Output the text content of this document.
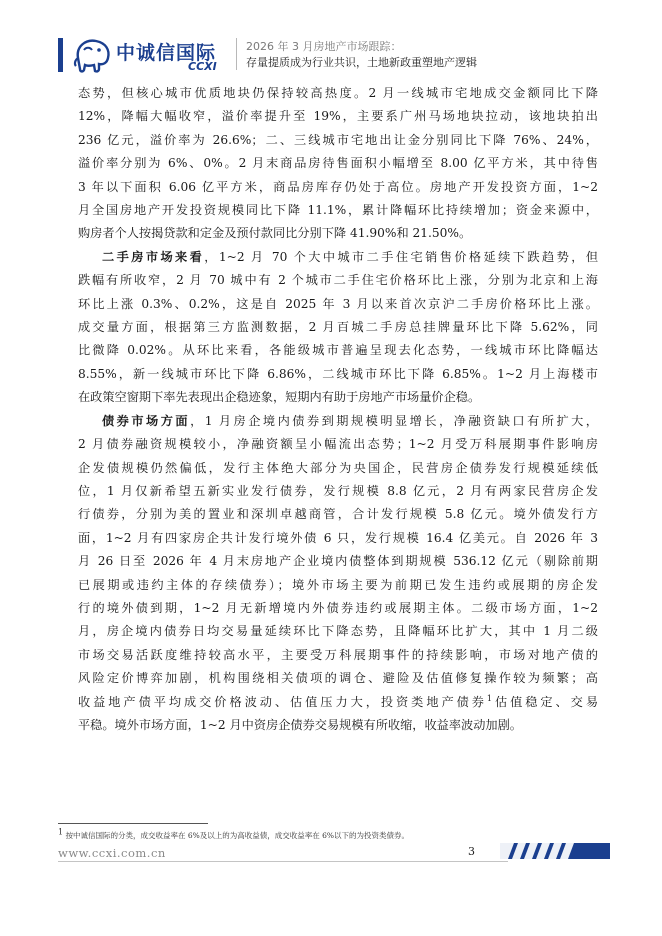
中诚信国际
CCXI
2026 年 3 月房地产市场跟踪：
存量提质成为行业共识，土地新政重塑地产逻辑

态势，但核心城市优质地块仍保持较高热度。2 月一线城市宅地成交金额同比下降
12%，降幅大幅收窄，溢价率提升至 19%，主要系广州马场地块拉动，该地块拍出
236 亿元，溢价率为 26.6%；二、三线城市宅地出让金分别同比下降 76%、24%，
溢价率分别为 6%、0%。2 月末商品房待售面积小幅增至 8.00 亿平方米，其中待售
3 年以下面积 6.06 亿平方米，商品房库存仍处于高位。房地产开发投资方面，1~2
月全国房地产开发投资规模同比下降 11.1%，累计降幅环比持续增加；资金来源中，
购房者个人按揭贷款和定金及预付款同比分别下降 41.90%和 21.50%。

二手房市场来看，1~2 月 70 个大中城市二手住宅销售价格延续下跌趋势，但
跌幅有所收窄，2 月 70 城中有 2 个城市二手住宅价格环比上涨，分别为北京和上海
环比上涨 0.3%、0.2%，这是自 2025 年 3 月以来首次京沪二手房价格环比上涨。
成交量方面，根据第三方监测数据，2 月百城二手房总挂牌量环比下降 5.62%，同
比微降 0.02%。从环比来看，各能级城市普遍呈现去化态势，一线城市环比降幅达
8.55%，新一线城市环比下降 6.86%，二线城市环比下降 6.85%。1~2 月上海楼市
在政策空窗期下率先表现出企稳迹象，短期内有助于房地产市场量价企稳。

债券市场方面，1 月房企境内债券到期规模明显增长，净融资缺口有所扩大，
2 月债券融资规模较小，净融资额呈小幅流出态势；1~2 月受万科展期事件影响房
企发债规模仍然偏低，发行主体绝大部分为央国企，民营房企债券发行规模延续低
位，1 月仅新希望五新实业发行债券，发行规模 8.8 亿元，2 月有两家民营房企发
行债券，分别为美的置业和深圳卓越商管，合计发行规模 5.8 亿元。境外债发行方
面，1~2 月有四家房企共计发行境外债 6 只，发行规模 16.4 亿美元。自 2026 年 3
月 26 日至 2026 年 4 月末房地产企业境内债整体到期规模 536.12 亿元（剔除前期
已展期或违约主体的存续债券）；境外市场主要为前期已发生违约或展期的房企发
行的境外债到期，1~2 月无新增境内外债券违约或展期主体。二级市场方面，1~2
月，房企境内债券日均交易量延续环比下降态势，且降幅环比扩大，其中 1 月二级
市场交易活跃度维持较高水平，主要受万科展期事件的持续影响，市场对地产债的
风险定价博弈加剧，机构围绕相关债项的调仓、避险及估值修复操作较为频繁；高
收益地产债平均成交价格波动、估值压力大，投资类地产债券$^1$估值稳定、交易
平稳。境外市场方面，1~2 月中资房企债券交易规模有所收缩，收益率波动加剧。

$^1$ 按中诚信国际的分类，成交收益率在 6%及以上的为高收益债，成交收益率在 6%以下的为投资类债券。
www.ccxi.com.cn	3
